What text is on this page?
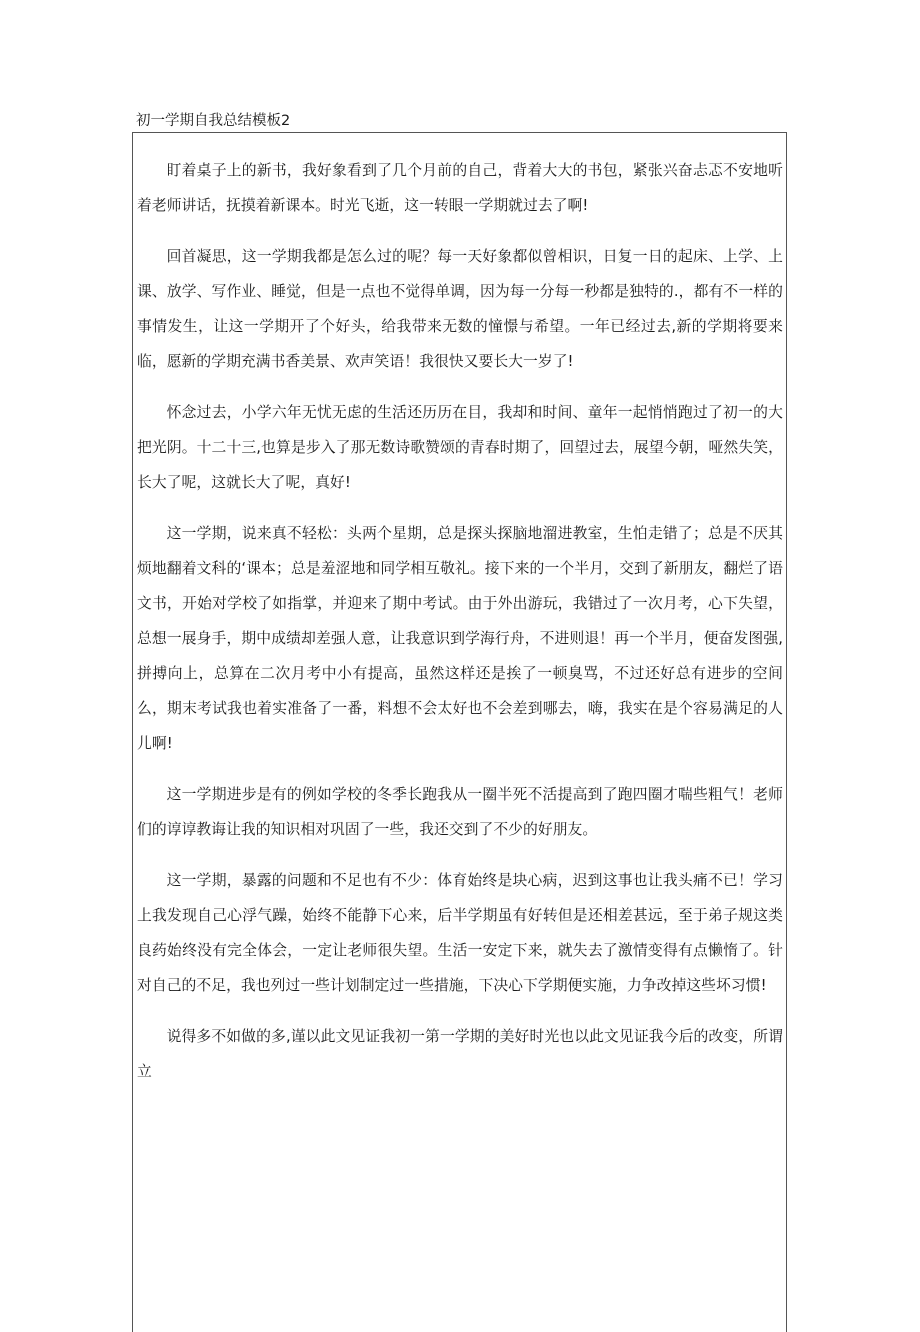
初一学期自我总结模板2

盯着桌子上的新书，我好象看到了几个月前的自己，背着大大的书包，紧张兴奋忐忑不安地听着老师讲话，抚摸着新课本。时光飞逝，这一转眼一学期就过去了啊!

回首凝思，这一学期我都是怎么过的呢？每一天好象都似曾相识，日复一日的起床、上学、上课、放学、写作业、睡觉，但是一点也不觉得单调，因为每一分每一秒都是独特的.，都有不一样的事情发生，让这一学期开了个好头，给我带来无数的憧憬与希望。一年已经过去,新的学期将要来临，愿新的学期充满书香美景、欢声笑语！我很快又要长大一岁了!

怀念过去，小学六年无忧无虑的生活还历历在目，我却和时间、童年一起悄悄跑过了初一的大把光阴。十二十三,也算是步入了那无数诗歌赞颂的青春时期了，回望过去，展望今朝，哑然失笑，长大了呢，这就长大了呢，真好!

这一学期，说来真不轻松：头两个星期，总是探头探脑地溜进教室，生怕走错了；总是不厌其烦地翻着文科的‘课本；总是羞涩地和同学相互敬礼。接下来的一个半月，交到了新朋友，翻烂了语文书，开始对学校了如指掌，并迎来了期中考试。由于外出游玩，我错过了一次月考，心下失望，总想一展身手，期中成绩却差强人意，让我意识到学海行舟，不进则退！再一个半月，便奋发图强,拼搏向上，总算在二次月考中小有提高，虽然这样还是挨了一顿臭骂，不过还好总有进步的空间么，期末考试我也着实准备了一番，料想不会太好也不会差到哪去，嗨，我实在是个容易满足的人儿啊!

这一学期进步是有的例如学校的冬季长跑我从一圈半死不活提高到了跑四圈才喘些粗气！老师们的谆谆教诲让我的知识相对巩固了一些，我还交到了不少的好朋友。

这一学期，暴露的问题和不足也有不少：体育始终是块心病，迟到这事也让我头痛不已！学习上我发现自己心浮气躁，始终不能静下心来，后半学期虽有好转但是还相差甚远，至于弟子规这类良药始终没有完全体会，一定让老师很失望。生活一安定下来，就失去了激情变得有点懒惰了。针对自己的不足，我也列过一些计划制定过一些措施，下决心下学期便实施，力争改掉这些坏习惯!

说得多不如做的多,谨以此文见证我初一第一学期的美好时光也以此文见证我今后的改变，所谓立
